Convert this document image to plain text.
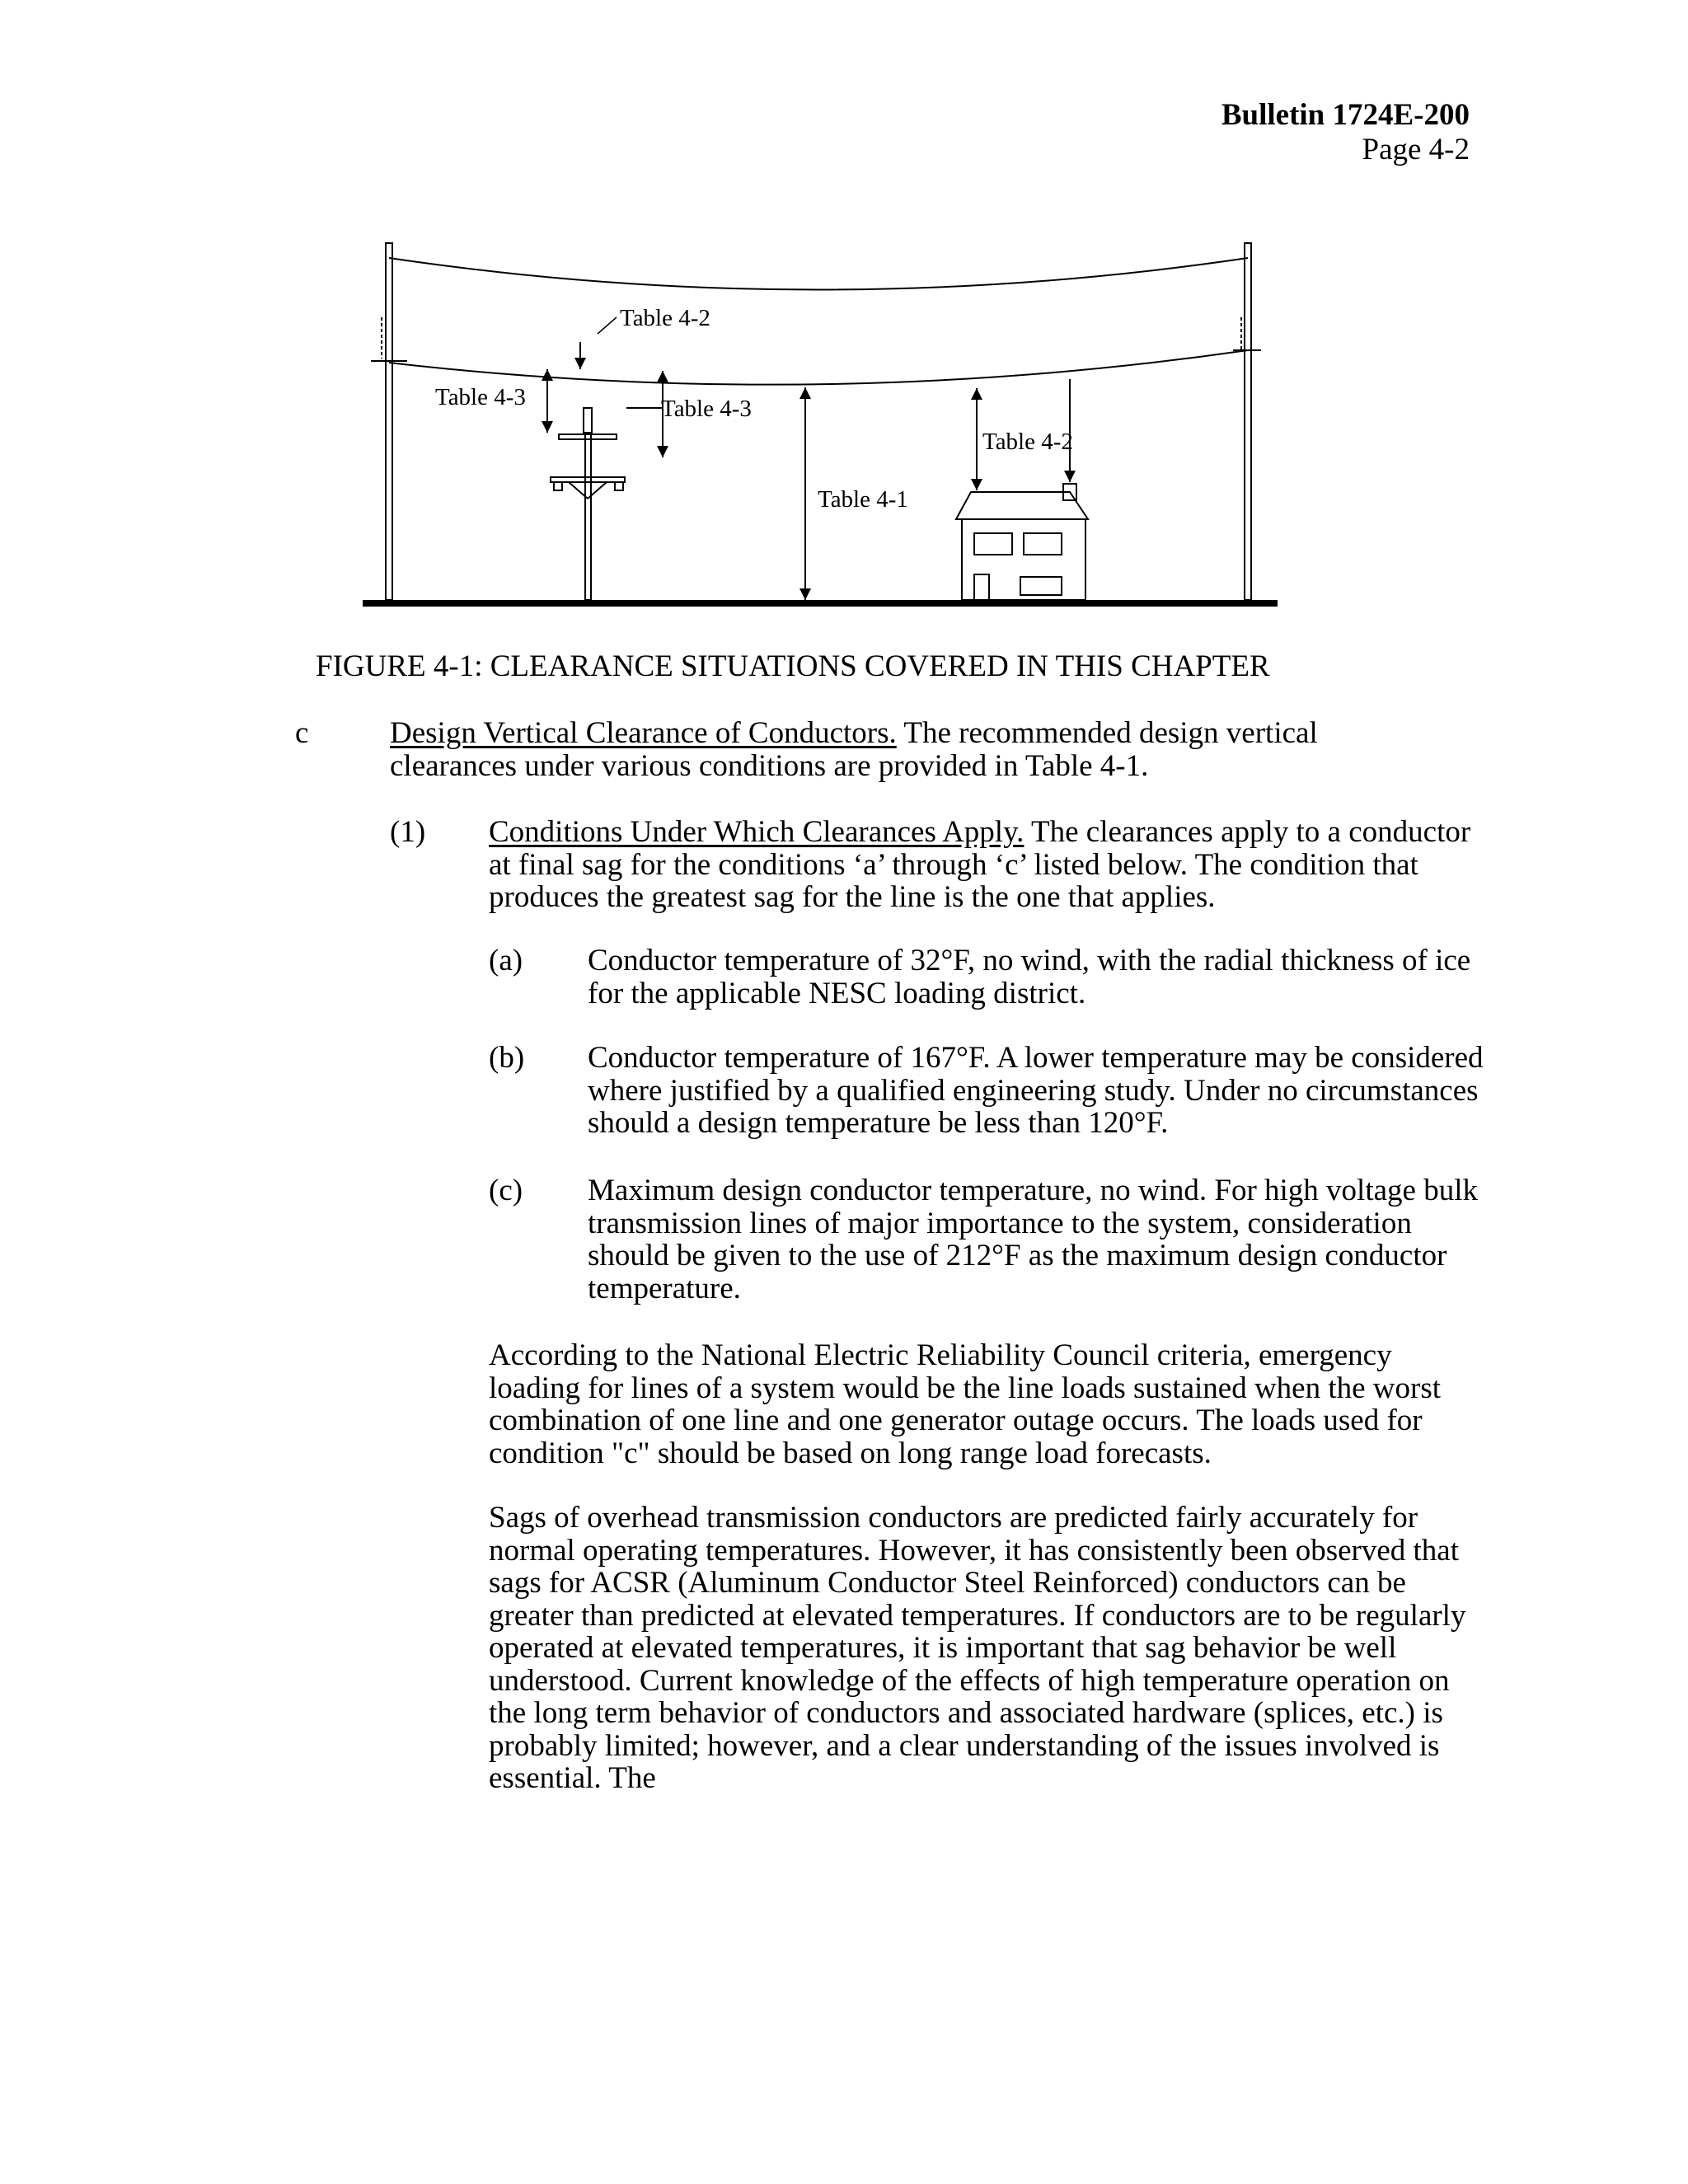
Bulletin 1724E-200
Page 4-2
Table 4-2
Table 4-3	Table 4-3
Table 4-2
Table 4-1
FIGURE 4-1: CLEARANCE SITUATIONS COVERED IN THIS CHAPTER
c	Design Vertical Clearance of Conductors. The recommended design vertical clearances under various conditions are provided in Table 4-1.
(1) Conditions Under Which Clearances Apply. The clearances apply to a conductor at final sag for the conditions ‘a’ through ‘c’ listed below. The condition that produces the greatest sag for the line is the one that applies.
(a) Conductor temperature of 32°F, no wind, with the radial thickness of ice for the applicable NESC loading district.
(b) Conductor temperature of 167°F. A lower temperature may be considered where justified by a qualified engineering study. Under no circumstances should a design temperature be less than 120°F.
(c) Maximum design conductor temperature, no wind. For high voltage bulk transmission lines of major importance to the system, consideration should be given to the use of 212°F as the maximum design conductor temperature.
According to the National Electric Reliability Council criteria, emergency loading for lines of a system would be the line loads sustained when the worst combination of one line and one generator outage occurs. The loads used for condition "c" should be based on long range load forecasts.
Sags of overhead transmission conductors are predicted fairly accurately for normal operating temperatures. However, it has consistently been observed that sags for ACSR (Aluminum Conductor Steel Reinforced) conductors can be greater than predicted at elevated temperatures. If conductors are to be regularly operated at elevated temperatures, it is important that sag behavior be well understood. Current knowledge of the effects of high temperature operation on the long term behavior of conductors and associated hardware (splices, etc.) is probably limited; however, and a clear understanding of the issues involved is essential. The
